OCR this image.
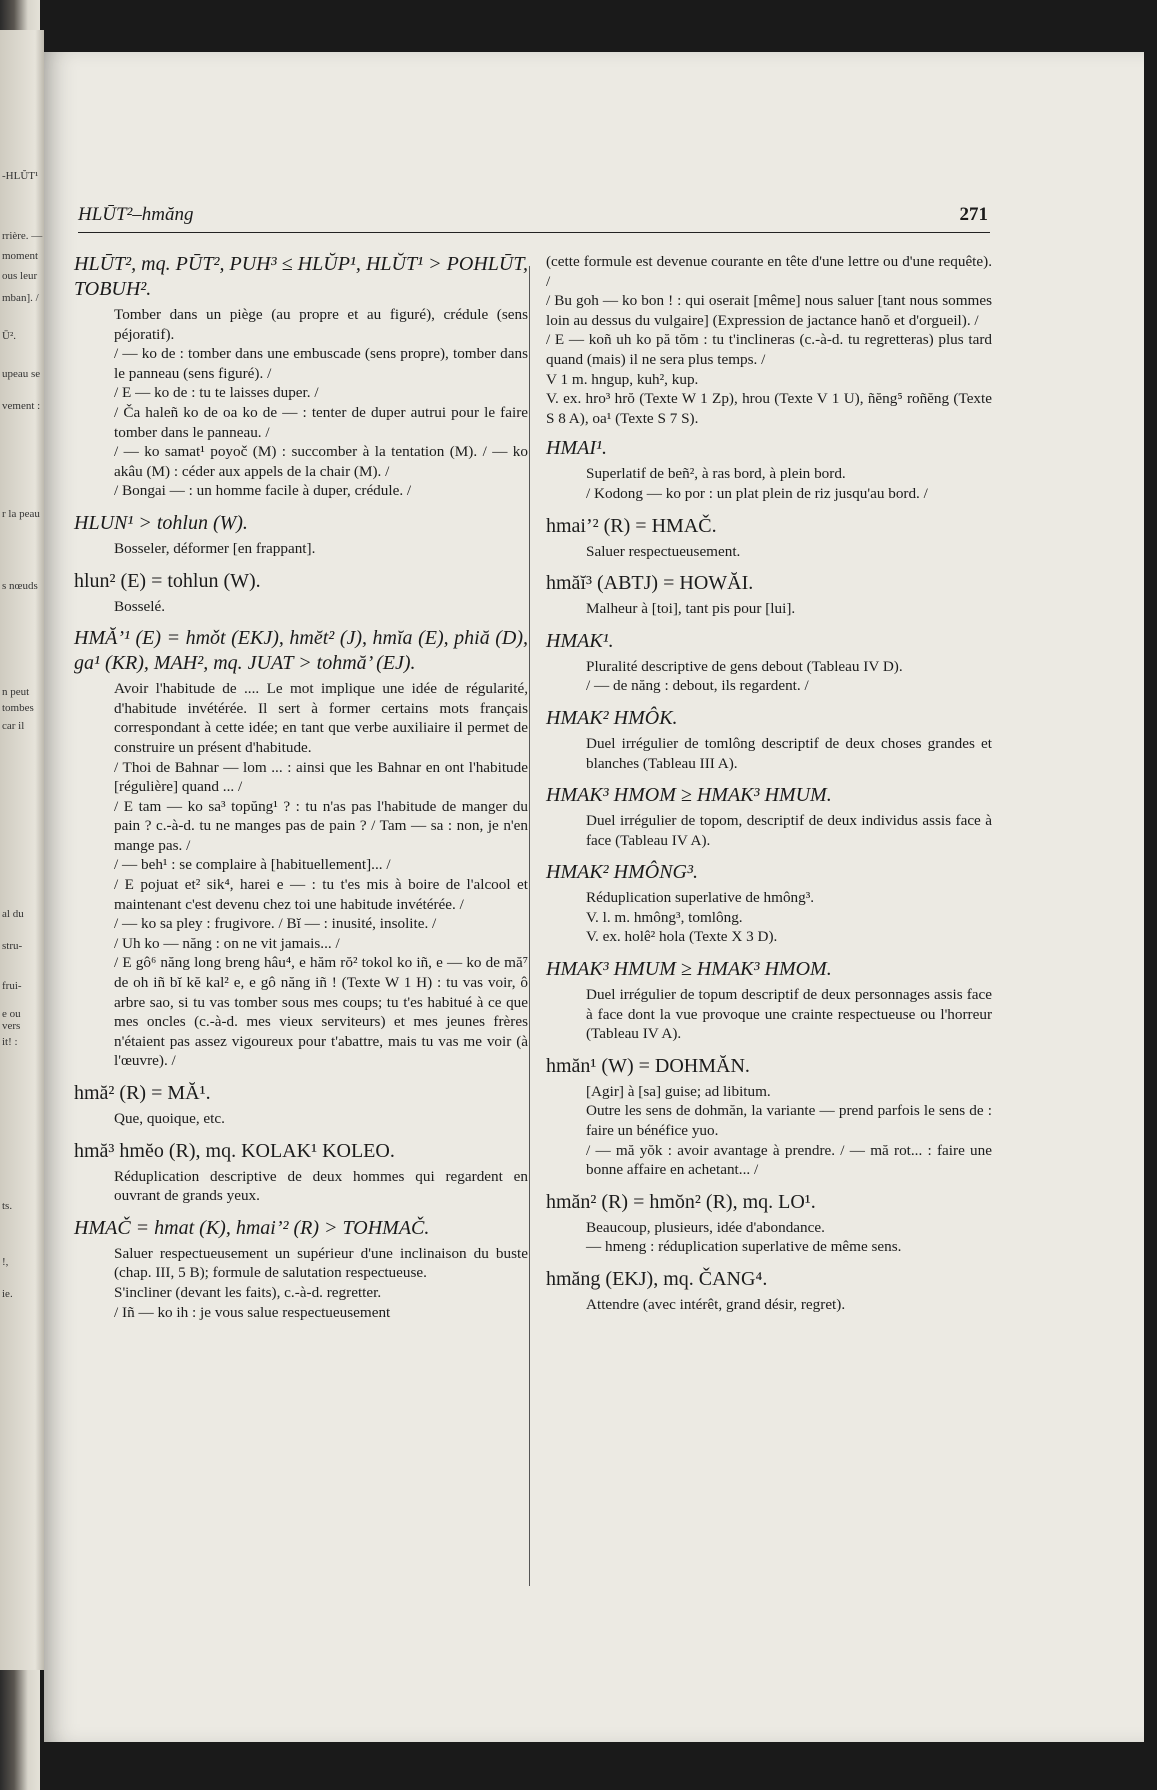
-HLŬT¹
rrière. —
moment
ous leur
mban]. /
Ū².
upeau se
vement :
r la peau
s nœuds
n peut
tombes
car il
al du
stru-
frui-
e ou
vers
it! :
ts.
!,
ie.
HLŪT²–hmăng	271
HLŪT², mq. PŪT², PUH³ ≤ HLŬP¹, HLŬT¹ > POHLŪT, TOBUH².

Tomber dans un piège (au propre et au figuré), crédule (sens péjoratif).

/ — ko de : tomber dans une embuscade (sens propre), tomber dans le panneau (sens figuré). /

/ E — ko de : tu te laisses duper. /

/ Ča haleñ ko de oa ko de — : tenter de duper autrui pour le faire tomber dans le panneau. /

/ — ko samat¹ poyoč (M) : succomber à la tentation (M). / — ko akâu (M) : céder aux appels de la chair (M). /

/ Bongai — : un homme facile à duper, crédule. /

HLUN¹ > tohlun (W).

Bosseler, déformer [en frappant].

hlun² (E) = tohlun (W).

Bosselé.

HMĂ’¹ (E) = hmǒt (EKJ), hmĕt² (J), hmĭa (E), phiă (D), ga¹ (KR), MAH², mq. JUAT > tohmă’ (EJ).

Avoir l'habitude de .... Le mot implique une idée de régularité, d'habitude invétérée. Il sert à former certains mots français correspondant à cette idée; en tant que verbe auxiliaire il permet de construire un présent d'habitude.

/ Thoi de Bahnar — lom ... : ainsi que les Bahnar en ont l'habitude [régulière] quand ... /

/ E tam — ko sa³ topŭng¹ ? : tu n'as pas l'habitude de manger du pain ? c.-à-d. tu ne manges pas de pain ? / Tam — sa : non, je n'en mange pas. /

/ — beh¹ : se complaire à [habituellement]... /

/ E pojuat et² sik⁴, harei e — : tu t'es mis à boire de l'alcool et maintenant c'est devenu chez toi une habitude invétérée. /

/ — ko sa pley : frugivore. / Bĭ — : inusité, insolite. /

/ Uh ko — năng : on ne vit jamais... /

/ E gô⁶ năng long breng hâu⁴, e hăm rŏ² tokol ko iñ, e — ko de mă⁷ de oh iñ bĭ kĕ kal² e, e gô năng iñ ! (Texte W 1 H) : tu vas voir, ô arbre sao, si tu vas tomber sous mes coups; tu t'es habitué à ce que mes oncles (c.-à-d. mes vieux serviteurs) et mes jeunes frères n'étaient pas assez vigoureux pour t'abattre, mais tu vas me voir (à l'œuvre). /

hmă² (R) = MĂ¹.

Que, quoique, etc.

hmă³ hmĕo (R), mq. KOLAK¹ KOLEO.

Réduplication descriptive de deux hommes qui regardent en ouvrant de grands yeux.

HMAČ = hmat (K), hmai’² (R) > TOHMAČ.

Saluer respectueusement un supérieur d'une inclinaison du buste (chap. III, 5 B); formule de salutation respectueuse.

S'incliner (devant les faits), c.-à-d. regretter.

/ Iñ — ko ih : je vous salue respectueusement

(cette formule est devenue courante en tête d'une lettre ou d'une requête). /

/ Bu goh — ko bon ! : qui oserait [même] nous saluer [tant nous sommes loin au dessus du vulgaire] (Expression de jactance hanŏ et d'orgueil). /

/ E — koñ uh ko pă tŏm : tu t'inclineras (c.-à-d. tu regretteras) plus tard quand (mais) il ne sera plus temps. /

V 1 m. hngup, kuh², kup.

V. ex. hro³ hrŏ (Texte W 1 Zp), hrou (Texte V 1 U), ñĕng⁵ roñĕng (Texte S 8 A), oa¹ (Texte S 7 S).

HMAI¹.

Superlatif de beñ², à ras bord, à plein bord.

/ Kodong — ko por : un plat plein de riz jusqu'au bord. /

hmai’² (R) = HMAČ.

Saluer respectueusement.

hmăĭ³ (ABTJ) = HOWĂI.

Malheur à [toi], tant pis pour [lui].

HMAK¹.

Pluralité descriptive de gens debout (Tableau IV D).

/ — de năng : debout, ils regardent. /

HMAK² HMÔK.

Duel irrégulier de tomlông descriptif de deux choses grandes et blanches (Tableau III A).

HMAK³ HMOM ≥ HMAK³ HMUM.

Duel irrégulier de topom, descriptif de deux individus assis face à face (Tableau IV A).

HMAK² HMÔNG³.

Réduplication superlative de hmông³.

V. l. m. hmông³, tomlông.

V. ex. holê² hola (Texte X 3 D).

HMAK³ HMUM ≥ HMAK³ HMOM.

Duel irrégulier de topum descriptif de deux personnages assis face à face dont la vue provoque une crainte respectueuse ou l'horreur (Tableau IV A).

hmăn¹ (W) = DOHMĂN.

[Agir] à [sa] guise; ad libitum.

Outre les sens de dohmăn, la variante — prend parfois le sens de : faire un bénéfice yuo.

/ — mă yŏk : avoir avantage à prendre. / — mă rot... : faire une bonne affaire en achetant... /

hmăn² (R) = hmŏn² (R), mq. LO¹.

Beaucoup, plusieurs, idée d'abondance.

— hmeng : réduplication superlative de même sens.

hmăng (EKJ), mq. ČANG⁴.

Attendre (avec intérêt, grand désir, regret).
